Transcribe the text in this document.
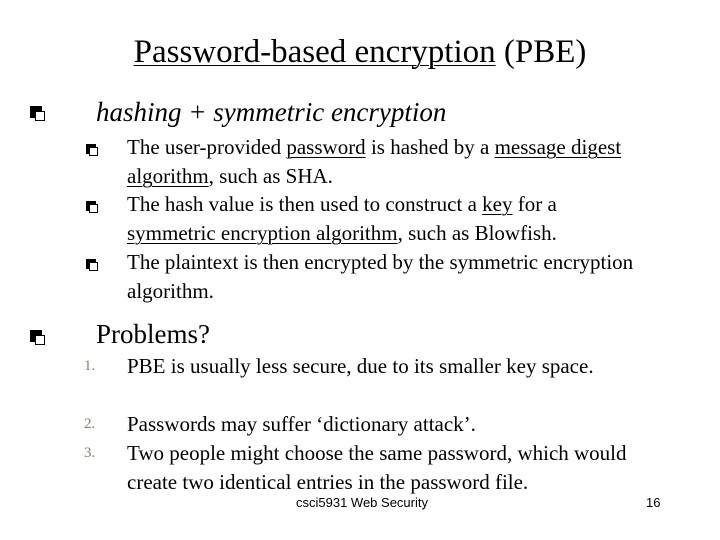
Password-based encryption (PBE)
hashing + symmetric encryption
The user-provided password is hashed by a message digest algorithm, such as SHA.
The hash value is then used to construct a key for a symmetric encryption algorithm, such as Blowfish.
The plaintext is then encrypted by the symmetric encryption algorithm.
Problems?
1. PBE is usually less secure, due to its smaller key space.
2. Passwords may suffer ‘dictionary attack’.
3. Two people might choose the same password, which would create two identical entries in the password file.
csci5931 Web Security	16
